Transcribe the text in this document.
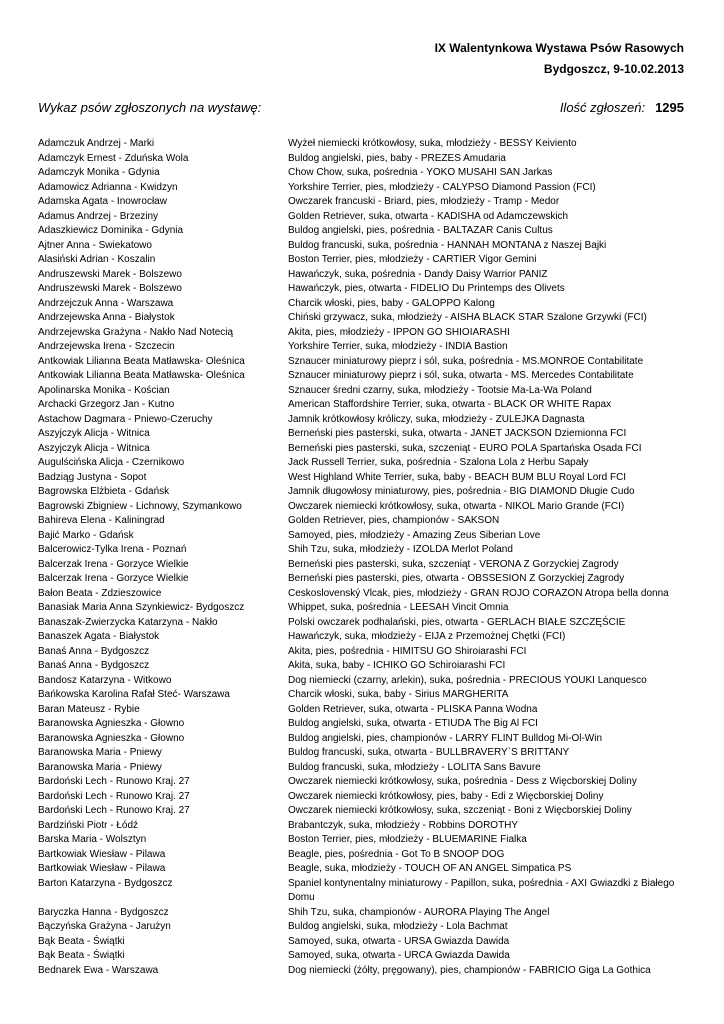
IX Walentynkowa Wystawa Psów Rasowych
Bydgoszcz, 9-10.02.2013
Wykaz psów zgłoszonych na wystawę:	Ilość zgłoszeń: 1295
Adamczuk Andrzej - Marki	Wyżeł niemiecki krótkowłosy, suka, młodzieży - BESSY Keiviento
Adamczyk Ernest - Zduńska Wola	Buldog angielski, pies, baby - PREZES Amudaria
Adamczyk Monika - Gdynia	Chow Chow, suka, pośrednia - YOKO MUSAHI SAN Jarkas
Adamowicz Adrianna - Kwidzyn	Yorkshire Terrier, pies, młodzieży - CALYPSO Diamond Passion (FCI)
Adamska Agata - Inowrocław	Owczarek francuski - Briard, pies, młodzieży - Tramp - Medor
Adamus Andrzej - Brzeziny	Golden Retriever, suka, otwarta - KADISHA od Adamczewskich
Adaszkiewicz Dominika - Gdynia	Buldog angielski, pies, pośrednia - BALTAZAR Canis Cultus
Ajtner Anna - Swiekatowo	Buldog francuski, suka, pośrednia - HANNAH MONTANA z Naszej Bajki
Alasiński Adrian - Koszalin	Boston Terrier, pies, młodzieży - CARTIER Vigor Gemini
Andruszewski Marek - Bolszewo	Hawańczyk, suka, pośrednia - Dandy Daisy Warrior PANIZ
Andruszewski Marek - Bolszewo	Hawańczyk, pies, otwarta - FIDELIO Du Printemps des Olivets
Andrzejczuk Anna - Warszawa	Charcik włoski, pies, baby - GALOPPO Kalong
Andrzejewska Anna - Białystok	Chiński grzywacz, suka, młodzieży - AISHA BLACK STAR Szalone Grzywki (FCI)
Andrzejewska Grażyna - Nakło Nad Notecią	Akita, pies, młodzieży - IPPON GO SHIOIARASHI
Andrzejewska Irena - Szczecin	Yorkshire Terrier, suka, młodzieży - INDIA Bastion
Antkowiak Lilianna Beata Matławska- Oleśnica	Sznaucer miniaturowy pieprz i sól, suka, pośrednia - MS.MONROE Contabilitate
Antkowiak Lilianna Beata Matławska- Oleśnica	Sznaucer miniaturowy pieprz i sól, suka, otwarta - MS. Mercedes Contabilitate
Apolinarska Monika - Kościan	Sznaucer średni czarny, suka, młodzieży - Tootsie Ma-La-Wa Poland
Archacki Grzegorz Jan - Kutno	American Staffordshire Terrier, suka, otwarta - BLACK OR WHITE Rapax
Astachow Dagmara - Pniewo-Czeruchy	Jamnik krótkowłosy króliczy, suka, młodzieży - ZULEJKA Dagnasta
Aszyjczyk Alicja - Witnica	Berneński pies pasterski, suka, otwarta - JANET JACKSON Dziemionna FCI
Aszyjczyk Alicja - Witnica	Berneński pies pasterski, suka, szczeniąt - EURO POLA Spartańska Osada FCI
Augulścińska Alicja - Czernikowo	Jack Russell Terrier, suka, pośrednia - Szalona Lola z Herbu Sapały
Badziąg Justyna - Sopot	West Highland White Terrier, suka, baby - BEACH BUM BLU Royal Lord FCI
Bagrowska Elżbieta - Gdańsk	Jamnik długowłosy miniaturowy, pies, pośrednia - BIG DIAMOND Długie Cudo
Bagrowski Zbigniew - Lichnowy, Szymankowo	Owczarek niemiecki krótkowłosy, suka, otwarta - NIKOL Mario Grande (FCI)
Bahireva Elena - Kaliningrad	Golden Retriever, pies, championów - SAKSON
Bajić Marko - Gdańsk	Samoyed, pies, młodzieży - Amazing Zeus Siberian Love
Balcerowicz-Tylka Irena - Poznań	Shih Tzu, suka, młodzieży - IZOLDA Merlot Poland
Balcerzak Irena - Gorzyce Wielkie	Berneński pies pasterski, suka, szczeniąt - VERONA Z Gorzyckiej Zagrody
Balcerzak Irena - Gorzyce Wielkie	Berneński pies pasterski, pies, otwarta - OBSSESION Z Gorzyckiej Zagrody
Bałon Beata - Zdzieszowice	Ceskoslovenský Vlcak, pies, młodzieży - GRAN ROJO CORAZON Atropa bella donna
Banasiak Maria Anna Szynkiewicz- Bydgoszcz	Whippet, suka, pośrednia - LEESAH Vincit Omnia
Banaszak-Zwierzycka Katarzyna - Nakło	Polski owczarek podhalański, pies, otwarta - GERLACH BIAŁE SZCZĘŚCIE
Banaszek Agata - Białystok	Hawańczyk, suka, młodzieży - EIJA z Przemożnej Chętki (FCI)
Banaś Anna - Bydgoszcz	Akita, pies, pośrednia - HIMITSU GO Shiroiarashi FCI
Banaś Anna - Bydgoszcz	Akita, suka, baby - ICHIKO GO Schiroiarashi FCI
Bandosz Katarzyna - Witkowo	Dog niemiecki (czarny, arlekin), suka, pośrednia - PRECIOUS YOUKI Lanquesco
Bańkowska Karolina Rafał Steć- Warszawa	Charcik włoski, suka, baby - Sirius MARGHERITA
Baran Mateusz - Rybie	Golden Retriever, suka, otwarta - PLISKA Panna Wodna
Baranowska Agnieszka - Głowno	Buldog angielski, suka, otwarta - ETIUDA The Big Al FCI
Baranowska Agnieszka - Głowno	Buldog angielski, pies, championów - LARRY FLINT Bulldog Mi-Ol-Win
Baranowska Maria - Pniewy	Buldog francuski, suka, otwarta - BULLBRAVERY`S BRITTANY
Baranowska Maria - Pniewy	Buldog francuski, suka, młodzieży - LOLITA Sans Bavure
Bardoński Lech - Runowo Kraj. 27	Owczarek niemiecki krótkowłosy, suka, pośrednia - Dess z Więcborskiej Doliny
Bardoński Lech - Runowo Kraj. 27	Owczarek niemiecki krótkowłosy, pies, baby - Edi z Więcborskiej Doliny
Bardoński Lech - Runowo Kraj. 27	Owczarek niemiecki krótkowłosy, suka, szczeniąt - Boni z Więcborskiej Doliny
Bardziński Piotr - Łódź	Brabantczyk, suka, młodzieży - Robbins DOROTHY
Barska Maria - Wolsztyn	Boston Terrier, pies, młodzieży - BLUEMARINE Fialka
Bartkowiak Wiesław - Pilawa	Beagle, pies, pośrednia - Got To B SNOOP DOG
Bartkowiak Wiesław - Pilawa	Beagle, suka, młodzieży - TOUCH OF AN ANGEL Simpatica PS
Barton Katarzyna - Bydgoszcz	Spaniel kontynentalny miniaturowy - Papillon, suka, pośrednia - AXI Gwiazdki z Białego Domu
Baryczka Hanna - Bydgoszcz	Shih Tzu, suka, championów - AURORA Playing The Angel
Bączyńska Grażyna - Jarużyn	Buldog angielski, suka, młodzieży - Lola Bachmat
Bąk Beata - Świątki	Samoyed, suka, otwarta - URSA Gwiazda Dawida
Bąk Beata - Świątki	Samoyed, suka, otwarta - URCA Gwiazda Dawida
Bednarek Ewa - Warszawa	Dog niemiecki (żółty, pręgowany), pies, championów - FABRICIO Giga La Gothica
